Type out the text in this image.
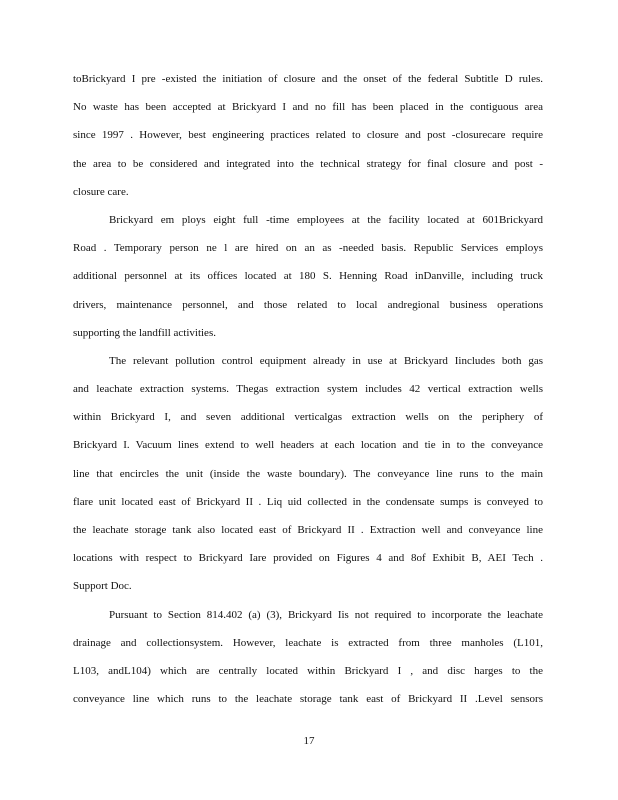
toBrickyard I pre -existed the initiation of closure and the onset of the federal Subtitle D rules.
No waste has been accepted at Brickyard I and no fill has been placed in the contiguous area
since 1997 . However, best engineering practices related to closure and post -closurecare require
the area to be considered and integrated into the technical strategy for final closure and post -
closure care.
Brickyard em ploys eight full -time employees at the facility located at 601Brickyard
Road . Temporary person ne l are hired on an as -needed basis. Republic Services employs
additional personnel at its offices located at 180 S. Henning Road inDanville, including truck
drivers, maintenance personnel, and those related to local andregional business operations
supporting the landfill activities.
The relevant pollution control equipment already in use at Brickyard Iincludes both gas
and leachate extraction systems. Thegas extraction system includes 42 vertical extraction wells
within Brickyard I, and seven additional verticalgas extraction wells on the periphery of
Brickyard I. Vacuum lines extend to well headers at each location and tie in to the conveyance
line that encircles the unit (inside the waste boundary). The conveyance line runs to the main
flare unit located east of Brickyard II . Liq uid collected in the condensate sumps is conveyed to
the leachate storage tank also located east of Brickyard II . Extraction well and conveyance line
locations with respect to Brickyard Iare provided on Figures 4 and 8of Exhibit B, AEI Tech .
Support Doc.
Pursuant to Section 814.402 (a) (3), Brickyard Iis not required to incorporate the leachate
drainage and collectionsystem. However, leachate is extracted from three manholes (L101,
L103, andL104) which are centrally located within Brickyard I , and disc harges to the
conveyance line which runs to the leachate storage tank east of Brickyard II .Level sensors
17
